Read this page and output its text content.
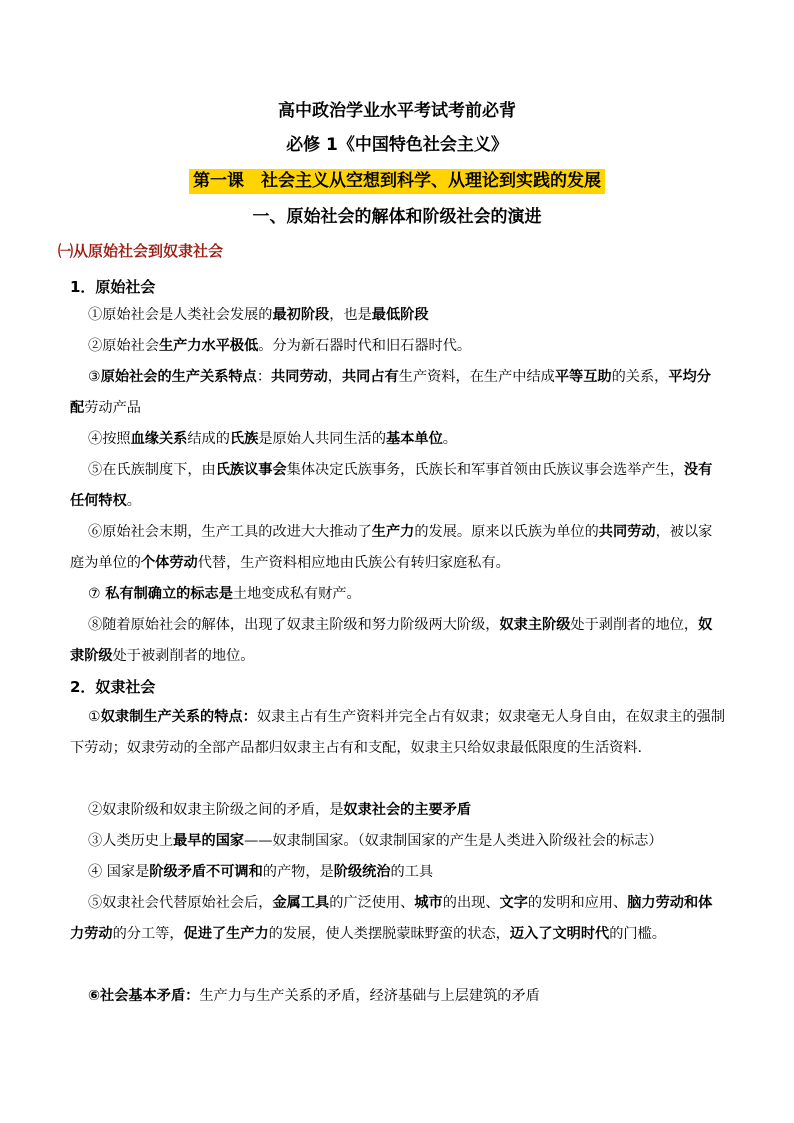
高中政治学业水平考试考前必背
必修 1《中国特色社会主义》
第一课　社会主义从空想到科学、从理论到实践的发展
一、原始社会的解体和阶级社会的演进
㈠从原始社会到奴隶社会
1．原始社会
①原始社会是人类社会发展的最初阶段，也是最低阶段
②原始社会生产力水平极低。分为新石器时代和旧石器时代。
③原始社会的生产关系特点：共同劳动，共同占有生产资料，在生产中结成平等互助的关系，平均分配劳动产品
④按照血缘关系结成的氏族是原始人共同生活的基本单位。
⑤在氏族制度下，由氏族议事会集体决定氏族事务，氏族长和军事首领由氏族议事会选举产生，没有任何特权。
⑥原始社会末期，生产工具的改进大大推动了生产力的发展。原来以氏族为单位的共同劳动，被以家庭为单位的个体劳动代替，生产资料相应地由氏族公有转归家庭私有。
⑦ 私有制确立的标志是土地变成私有财产。
⑧随着原始社会的解体，出现了奴隶主阶级和努力阶级两大阶级，奴隶主阶级处于剥削者的地位，奴隶阶级处于被剥削者的地位。
2．奴隶社会
①奴隶制生产关系的特点：奴隶主占有生产资料并完全占有奴隶；奴隶毫无人身自由，在奴隶主的强制下劳动；奴隶劳动的全部产品都归奴隶主占有和支配，奴隶主只给奴隶最低限度的生活资料.
②奴隶阶级和奴隶主阶级之间的矛盾，是奴隶社会的主要矛盾
③人类历史上最早的国家——奴隶制国家。（奴隶制国家的产生是人类进入阶级社会的标志）
④ 国家是阶级矛盾不可调和的产物，是阶级统治的工具
⑤奴隶社会代替原始社会后，金属工具的广泛使用、城市的出现、文字的发明和应用、脑力劳动和体力劳动的分工等，促进了生产力的发展，使人类摆脱蒙昧野蛮的状态，迈入了文明时代的门槛。
⑥社会基本矛盾：生产力与生产关系的矛盾，经济基础与上层建筑的矛盾
